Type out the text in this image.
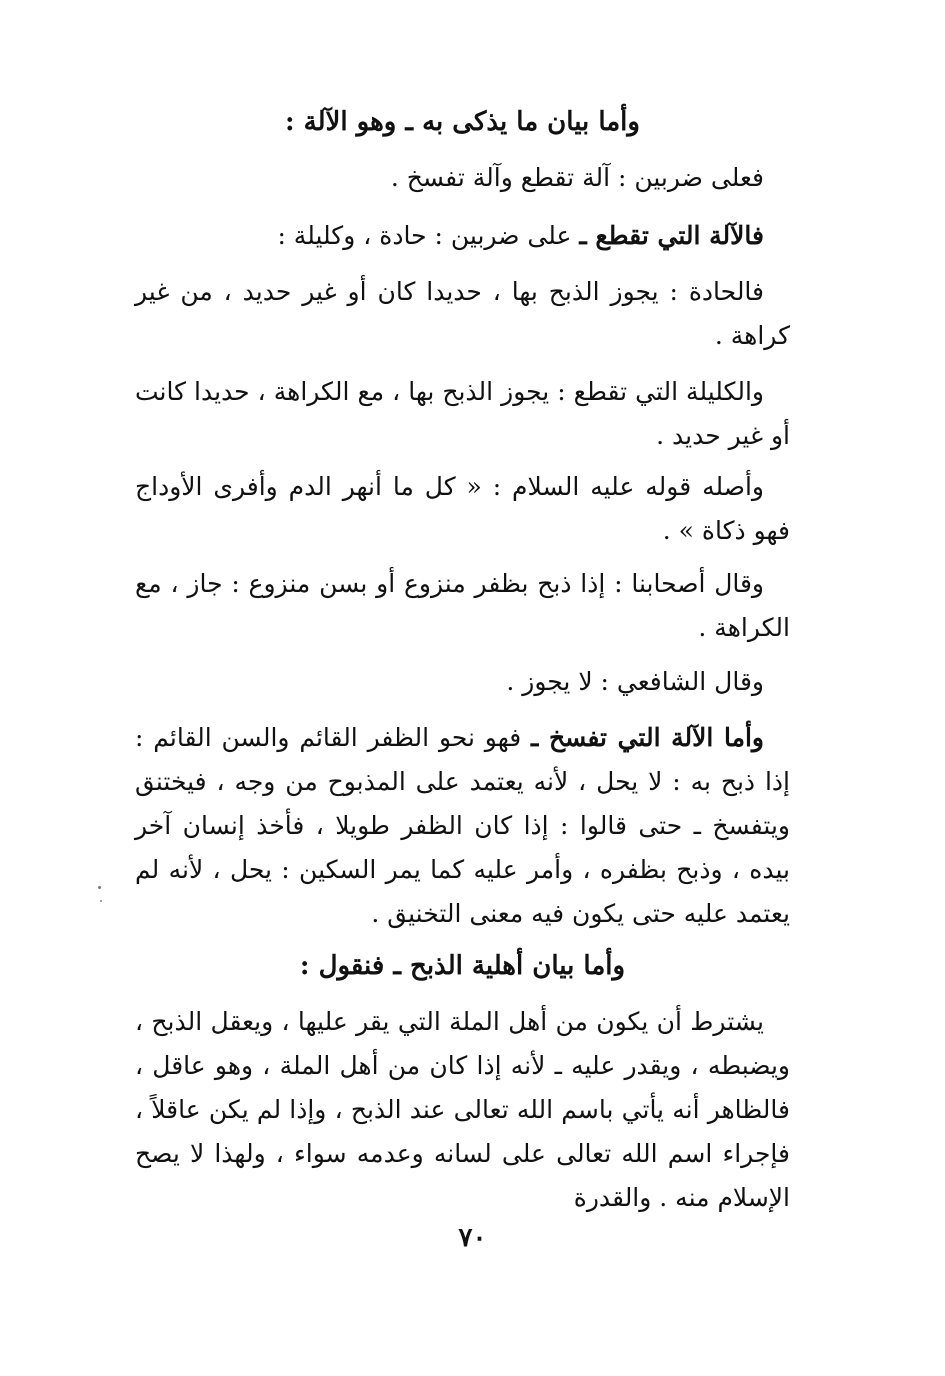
وأما بيان ما يذكى به ـ وهو الآلة :
فعلى ضربين : آلة تقطع وآلة تفسخ .
فالآلة التي تقطع ـ على ضربين : حادة ، وكليلة :
فالحادة : يجوز الذبح بها ، حديدا كان أو غير حديد ، من غير كراهة .
والكليلة التي تقطع : يجوز الذبح بها ، مع الكراهة ، حديدا كانت أو غير حديد .
وأصله قوله عليه السلام : « كل ما أنهر الدم وأفرى الأوداج فهو ذكاة » .
وقال أصحابنا : إذا ذبح بظفر منزوع أو بسن منزوع : جاز ، مع الكراهة .
وقال الشافعي : لا يجوز .
وأما الآلة التي تفسخ ـ فهو نحو الظفر القائم والسن القائم : إذا ذبح به : لا يحل ، لأنه يعتمد على المذبوح من وجه ، فيختنق ويتفسخ ـ حتى قالوا : إذا كان الظفر طويلا ، فأخذ إنسان آخر بيده ، وذبح بظفره ، وأمر عليه كما يمر السكين : يحل ، لأنه لم يعتمد عليه حتى يكون فيه معنى التخنيق .
وأما بيان أهلية الذبح ـ فنقول :
يشترط أن يكون من أهل الملة التي يقر عليها ، ويعقل الذبح ، ويضبطه ، ويقدر عليه ـ لأنه إذا كان من أهل الملة ، وهو عاقل ، فالظاهر أنه يأتي باسم الله تعالى عند الذبح ، وإذا لم يكن عاقلاً ، فإجراء اسم الله تعالى على لسانه وعدمه سواء ، ولهذا لا يصح الإسلام منه . والقدرة
٧٠
